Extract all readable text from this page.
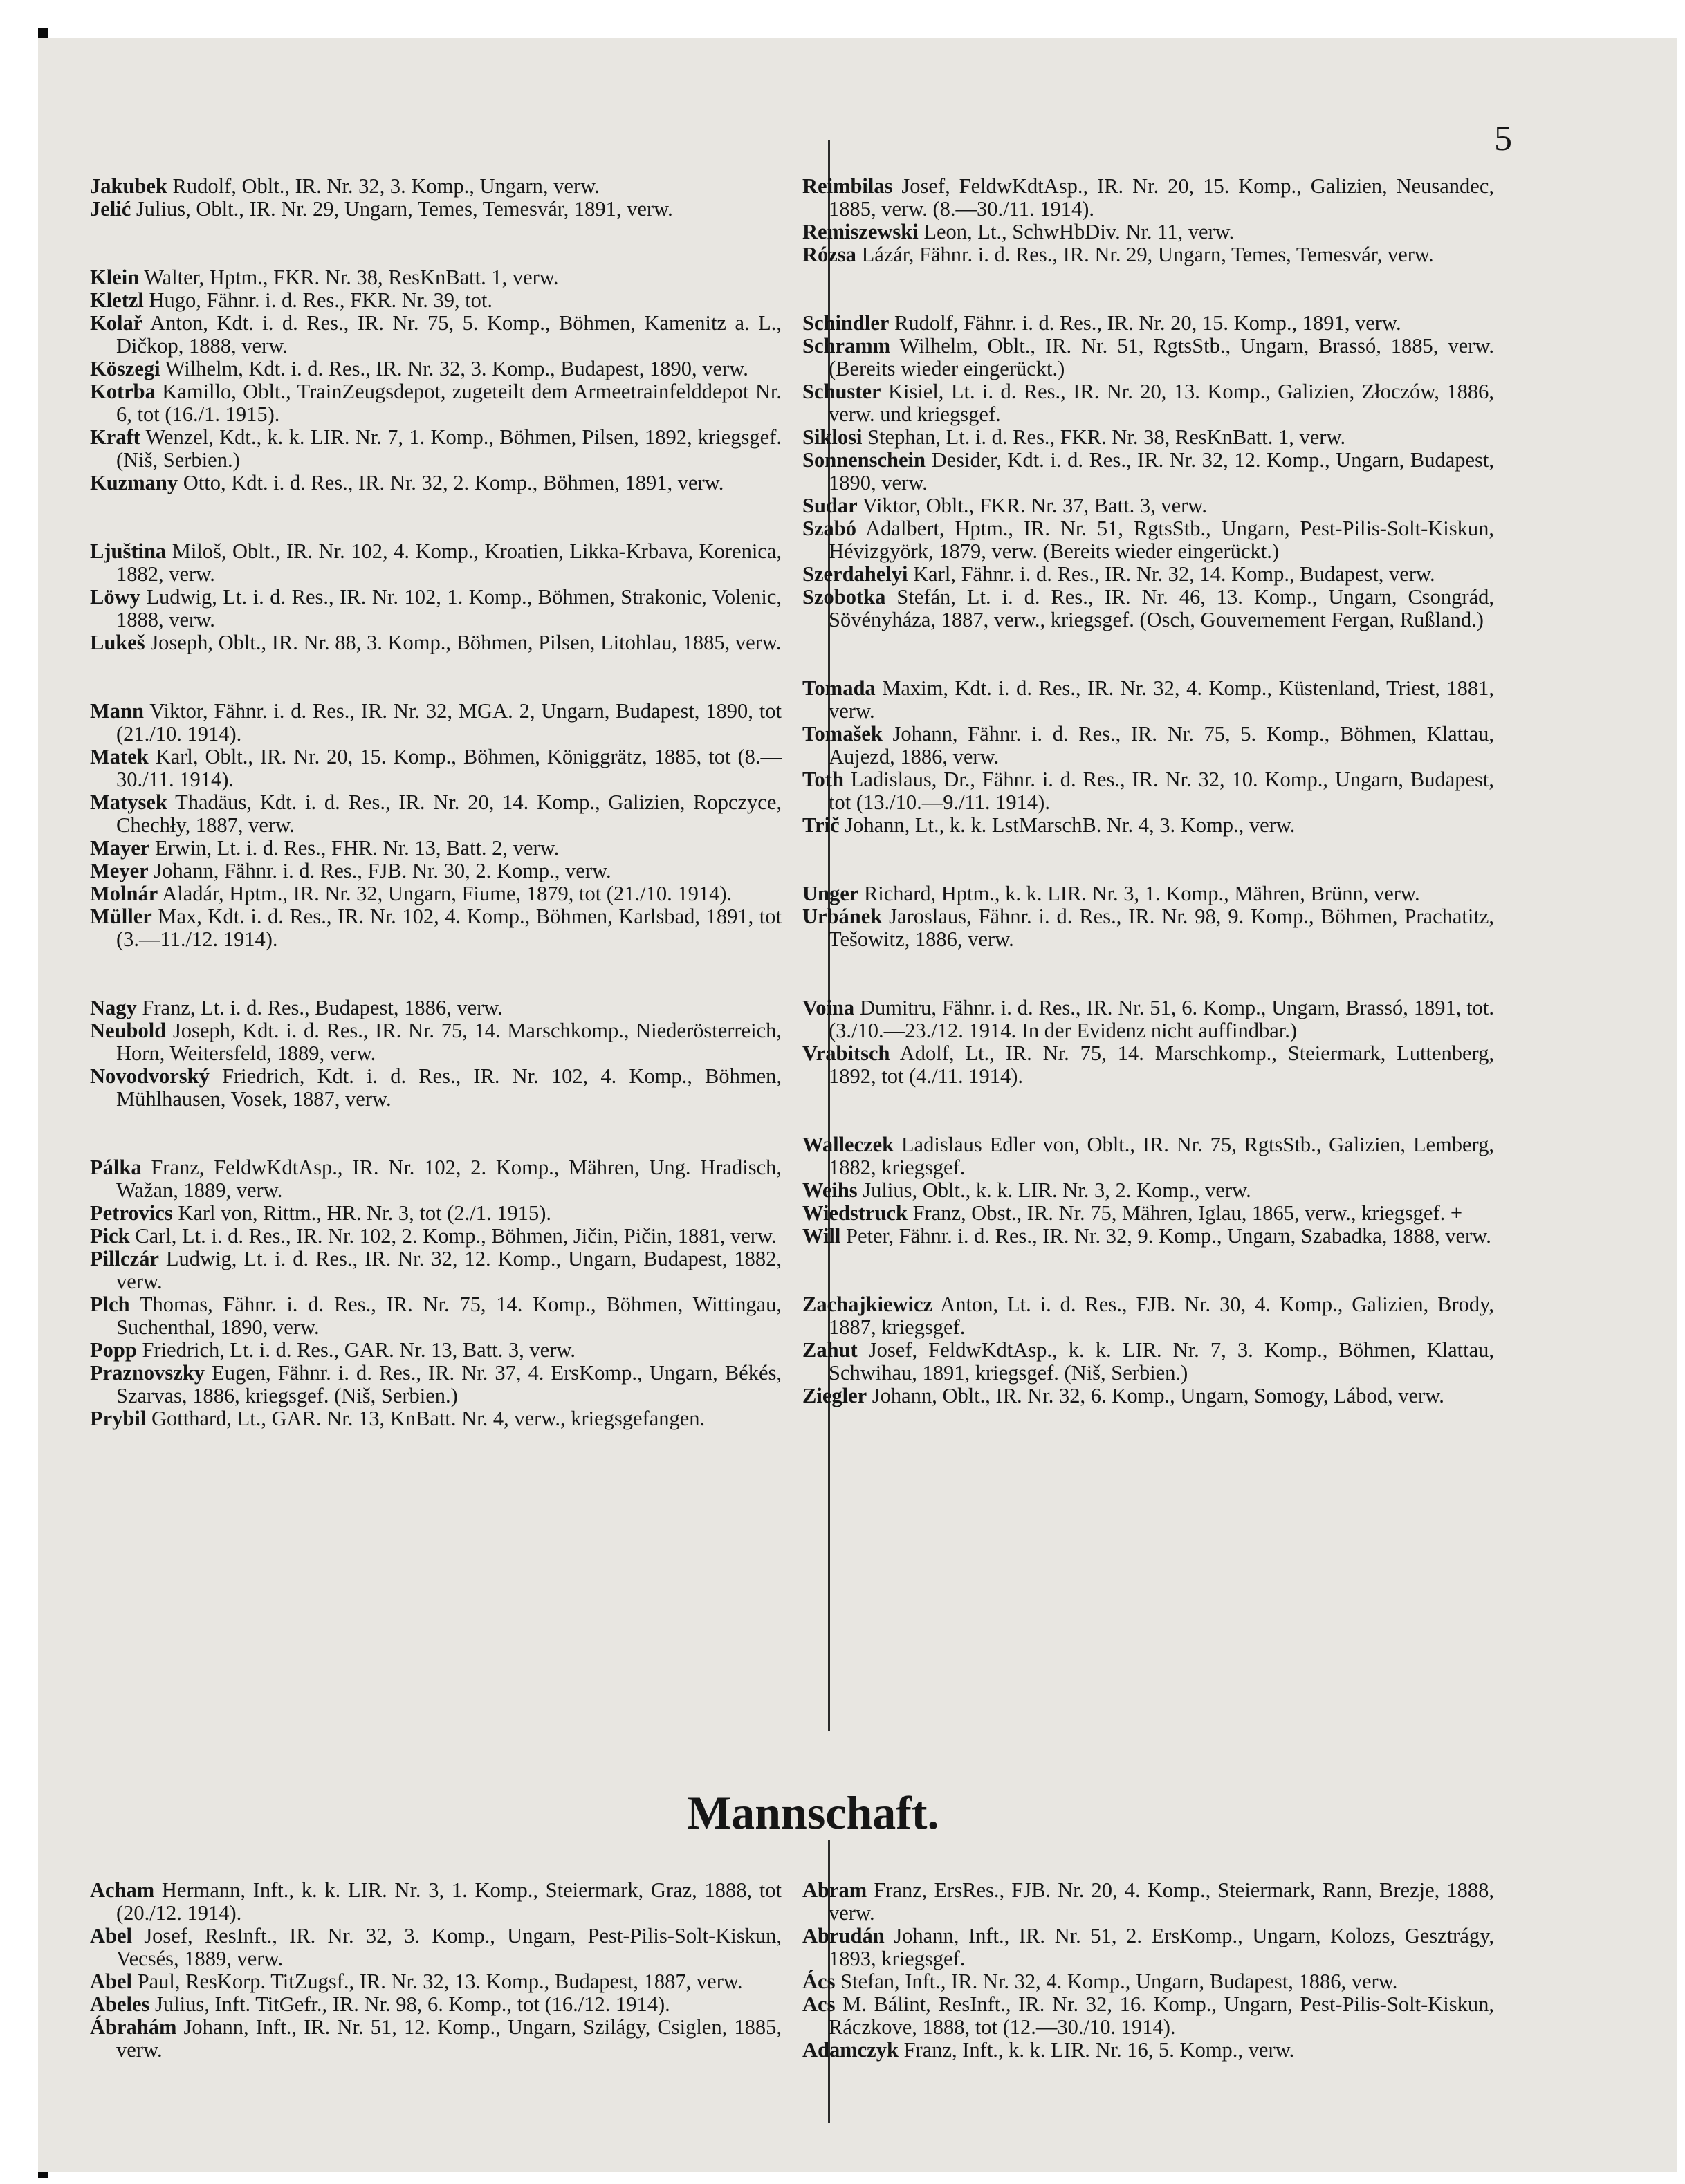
5

Jakubek Rudolf, Oblt., IR. Nr. 32, 3. Komp., Ungarn, verw.

Jelić Julius, Oblt., IR. Nr. 29, Ungarn, Temes, Temesvár, 1891, verw.

Klein Walter, Hptm., FKR. Nr. 38, ResKnBatt. 1, verw.

Kletzl Hugo, Fähnr. i. d. Res., FKR. Nr. 39, tot.

Kolař Anton, Kdt. i. d. Res., IR. Nr. 75, 5. Komp., Böhmen, Kamenitz a. L., Dičkop, 1888, verw.

Köszegi Wilhelm, Kdt. i. d. Res., IR. Nr. 32, 3. Komp., Budapest, 1890, verw.

Kotrba Kamillo, Oblt., TrainZeugsdepot, zugeteilt dem Armeetrainfelddepot Nr. 6, tot (16./1. 1915).

Kraft Wenzel, Kdt., k. k. LIR. Nr. 7, 1. Komp., Böhmen, Pilsen, 1892, kriegsgef. (Niš, Serbien.)

Kuzmany Otto, Kdt. i. d. Res., IR. Nr. 32, 2. Komp., Böhmen, 1891, verw.

Ljuština Miloš, Oblt., IR. Nr. 102, 4. Komp., Kroatien, Likka-Krbava, Korenica, 1882, verw.

Löwy Ludwig, Lt. i. d. Res., IR. Nr. 102, 1. Komp., Böhmen, Strakonic, Volenic, 1888, verw.

Lukeš Joseph, Oblt., IR. Nr. 88, 3. Komp., Böhmen, Pilsen, Litohlau, 1885, verw.

Mann Viktor, Fähnr. i. d. Res., IR. Nr. 32, MGA. 2, Ungarn, Budapest, 1890, tot (21./10. 1914).

Matek Karl, Oblt., IR. Nr. 20, 15. Komp., Böhmen, Königgrätz, 1885, tot (8.—30./11. 1914).

Matysek Thadäus, Kdt. i. d. Res., IR. Nr. 20, 14. Komp., Galizien, Ropczyce, Chechły, 1887, verw.

Mayer Erwin, Lt. i. d. Res., FHR. Nr. 13, Batt. 2, verw.

Meyer Johann, Fähnr. i. d. Res., FJB. Nr. 30, 2. Komp., verw.

Molnár Aladár, Hptm., IR. Nr. 32, Ungarn, Fiume, 1879, tot (21./10. 1914).

Müller Max, Kdt. i. d. Res., IR. Nr. 102, 4. Komp., Böhmen, Karlsbad, 1891, tot (3.—11./12. 1914).

Nagy Franz, Lt. i. d. Res., Budapest, 1886, verw.

Neubold Joseph, Kdt. i. d. Res., IR. Nr. 75, 14. Marschkomp., Niederösterreich, Horn, Weitersfeld, 1889, verw.

Novodvorský Friedrich, Kdt. i. d. Res., IR. Nr. 102, 4. Komp., Böhmen, Mühlhausen, Vosek, 1887, verw.

Pálka Franz, FeldwKdtAsp., IR. Nr. 102, 2. Komp., Mähren, Ung. Hradisch, Wažan, 1889, verw.

Petrovics Karl von, Rittm., HR. Nr. 3, tot (2./1. 1915).

Pick Carl, Lt. i. d. Res., IR. Nr. 102, 2. Komp., Böhmen, Jičin, Pičin, 1881, verw.

Pillczár Ludwig, Lt. i. d. Res., IR. Nr. 32, 12. Komp., Ungarn, Budapest, 1882, verw.

Plch Thomas, Fähnr. i. d. Res., IR. Nr. 75, 14. Komp., Böhmen, Wittingau, Suchenthal, 1890, verw.

Popp Friedrich, Lt. i. d. Res., GAR. Nr. 13, Batt. 3, verw.

Praznovszky Eugen, Fähnr. i. d. Res., IR. Nr. 37, 4. ErsKomp., Ungarn, Békés, Szarvas, 1886, kriegsgef. (Niš, Serbien.)

Prybil Gotthard, Lt., GAR. Nr. 13, KnBatt. Nr. 4, verw., kriegsgefangen.

Reimbilas Josef, FeldwKdtAsp., IR. Nr. 20, 15. Komp., Galizien, Neusandec, 1885, verw. (8.—30./11. 1914).

Remiszewski Leon, Lt., SchwHbDiv. Nr. 11, verw.

Rózsa Lázár, Fähnr. i. d. Res., IR. Nr. 29, Ungarn, Temes, Temesvár, verw.

Schindler Rudolf, Fähnr. i. d. Res., IR. Nr. 20, 15. Komp., 1891, verw.

Schramm Wilhelm, Oblt., IR. Nr. 51, RgtsStb., Ungarn, Brassó, 1885, verw. (Bereits wieder eingerückt.)

Schuster Kisiel, Lt. i. d. Res., IR. Nr. 20, 13. Komp., Galizien, Złoczów, 1886, verw. und kriegsgef.

Siklosi Stephan, Lt. i. d. Res., FKR. Nr. 38, ResKnBatt. 1, verw.

Sonnenschein Desider, Kdt. i. d. Res., IR. Nr. 32, 12. Komp., Ungarn, Budapest, 1890, verw.

Sudar Viktor, Oblt., FKR. Nr. 37, Batt. 3, verw.

Szabó Adalbert, Hptm., IR. Nr. 51, RgtsStb., Ungarn, Pest-Pilis-Solt-Kiskun, Hévizgyörk, 1879, verw. (Bereits wieder eingerückt.)

Szerdahelyi Karl, Fähnr. i. d. Res., IR. Nr. 32, 14. Komp., Budapest, verw.

Szobotka Stefán, Lt. i. d. Res., IR. Nr. 46, 13. Komp., Ungarn, Csongrád, Sövényháza, 1887, verw., kriegsgef. (Osch, Gouvernement Fergan, Rußland.)

Tomada Maxim, Kdt. i. d. Res., IR. Nr. 32, 4. Komp., Küstenland, Triest, 1881, verw.

Tomašek Johann, Fähnr. i. d. Res., IR. Nr. 75, 5. Komp., Böhmen, Klattau, Aujezd, 1886, verw.

Toth Ladislaus, Dr., Fähnr. i. d. Res., IR. Nr. 32, 10. Komp., Ungarn, Budapest, tot (13./10.—9./11. 1914).

Trič Johann, Lt., k. k. LstMarschB. Nr. 4, 3. Komp., verw.

Unger Richard, Hptm., k. k. LIR. Nr. 3, 1. Komp., Mähren, Brünn, verw.

Urbánek Jaroslaus, Fähnr. i. d. Res., IR. Nr. 98, 9. Komp., Böhmen, Prachatitz, Tešowitz, 1886, verw.

Voina Dumitru, Fähnr. i. d. Res., IR. Nr. 51, 6. Komp., Ungarn, Brassó, 1891, tot. (3./10.—23./12. 1914. In der Evidenz nicht auffindbar.)

Vrabitsch Adolf, Lt., IR. Nr. 75, 14. Marschkomp., Steiermark, Luttenberg, 1892, tot (4./11. 1914).

Walleczek Ladislaus Edler von, Oblt., IR. Nr. 75, RgtsStb., Galizien, Lemberg, 1882, kriegsgef.

Weihs Julius, Oblt., k. k. LIR. Nr. 3, 2. Komp., verw.

Wiedstruck Franz, Obst., IR. Nr. 75, Mähren, Iglau, 1865, verw., kriegsgef. +

Will Peter, Fähnr. i. d. Res., IR. Nr. 32, 9. Komp., Ungarn, Szabadka, 1888, verw.

Zachajkiewicz Anton, Lt. i. d. Res., FJB. Nr. 30, 4. Komp., Galizien, Brody, 1887, kriegsgef.

Zahut Josef, FeldwKdtAsp., k. k. LIR. Nr. 7, 3. Komp., Böhmen, Klattau, Schwihau, 1891, kriegsgef. (Niš, Serbien.)

Ziegler Johann, Oblt., IR. Nr. 32, 6. Komp., Ungarn, Somogy, Lábod, verw.

Mannschaft.

Acham Hermann, Inft., k. k. LIR. Nr. 3, 1. Komp., Steiermark, Graz, 1888, tot (20./12. 1914).

Abel Josef, ResInft., IR. Nr. 32, 3. Komp., Ungarn, Pest-Pilis-Solt-Kiskun, Vecsés, 1889, verw.

Abel Paul, ResKorp. TitZugsf., IR. Nr. 32, 13. Komp., Budapest, 1887, verw.

Abeles Julius, Inft. TitGefr., IR. Nr. 98, 6. Komp., tot (16./12. 1914).

Ábrahám Johann, Inft., IR. Nr. 51, 12. Komp., Ungarn, Szilágy, Csiglen, 1885, verw.

Abram Franz, ErsRes., FJB. Nr. 20, 4. Komp., Steiermark, Rann, Brezje, 1888, verw.

Abrudán Johann, Inft., IR. Nr. 51, 2. ErsKomp., Ungarn, Kolozs, Gesztrágy, 1893, kriegsgef.

Ács Stefan, Inft., IR. Nr. 32, 4. Komp., Ungarn, Budapest, 1886, verw.

Acs M. Bálint, ResInft., IR. Nr. 32, 16. Komp., Ungarn, Pest-Pilis-Solt-Kiskun, Ráczkove, 1888, tot (12.—30./10. 1914).

Adamczyk Franz, Inft., k. k. LIR. Nr. 16, 5. Komp., verw.
